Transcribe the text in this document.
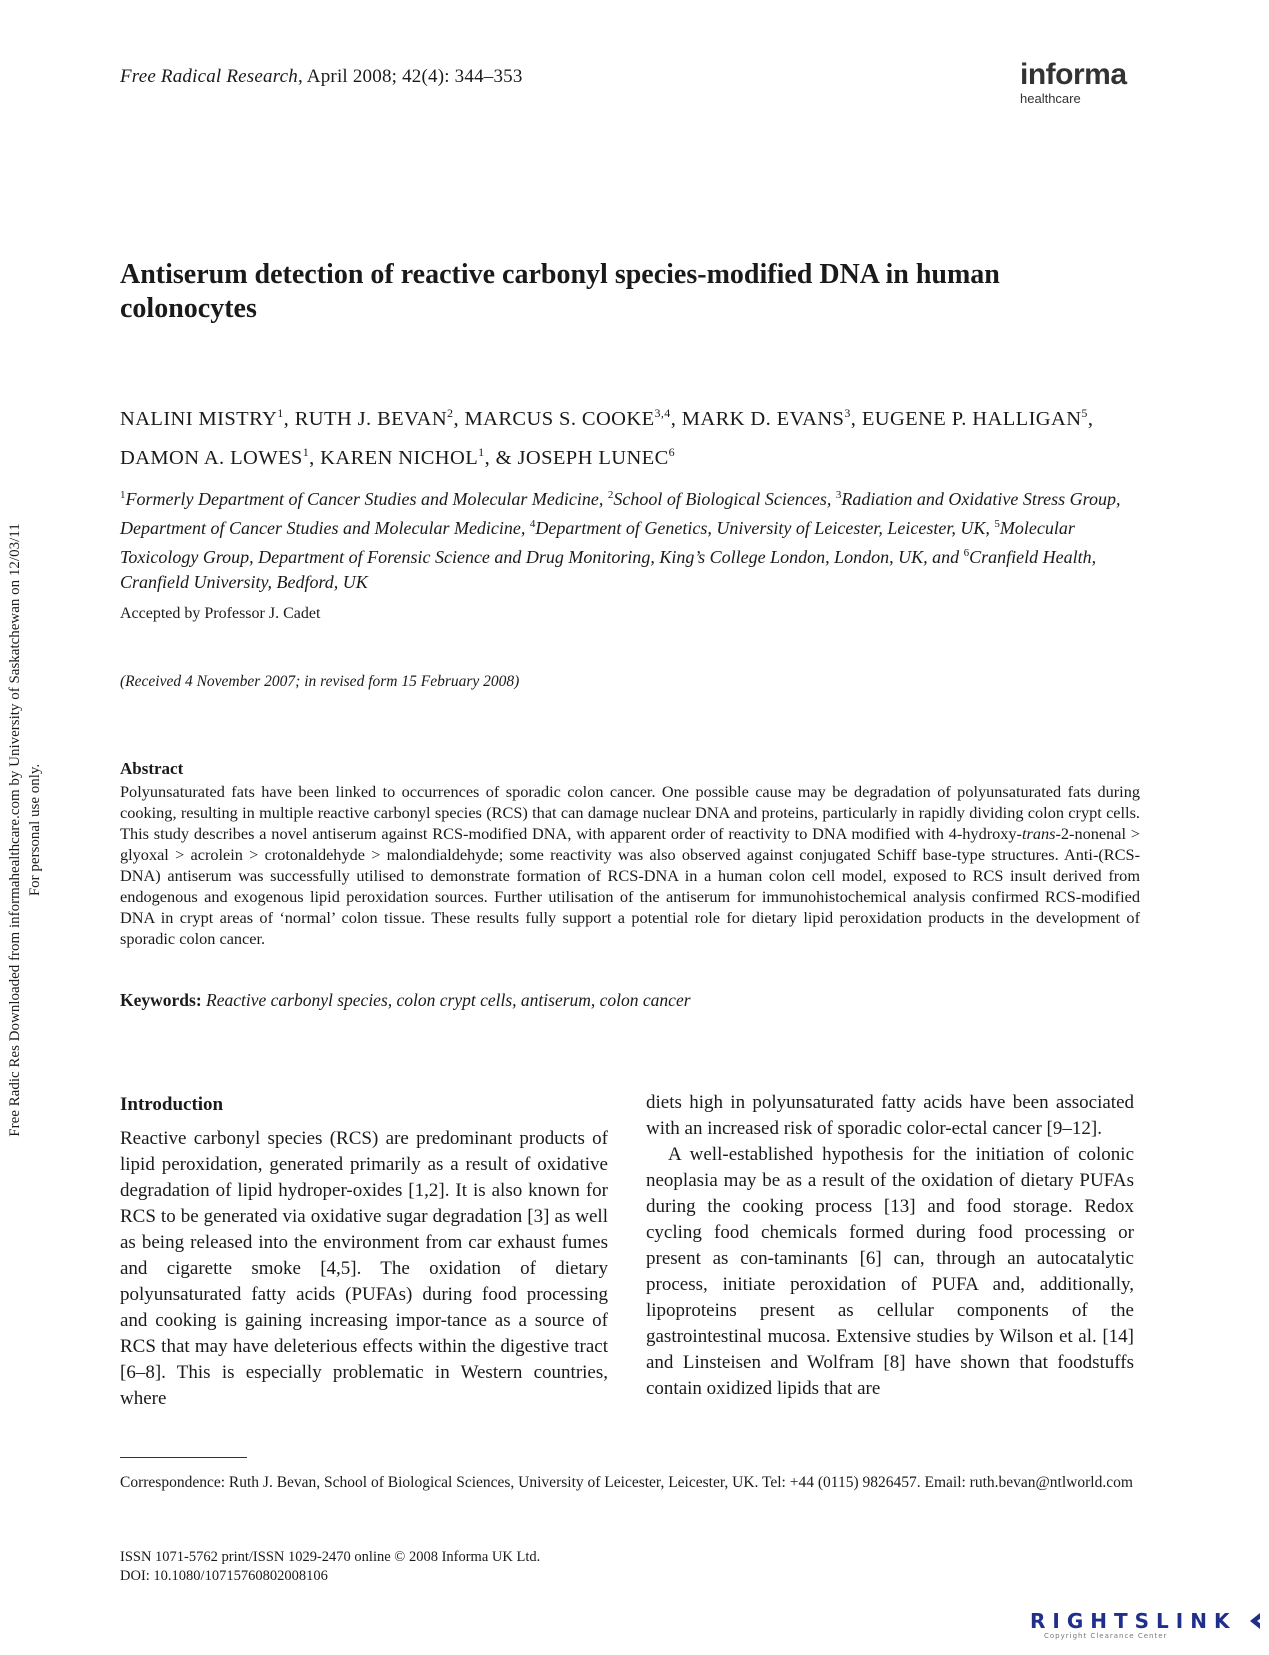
Free Radical Research, April 2008; 42(4): 344–353	informa
healthcare
Antiserum detection of reactive carbonyl species-modified DNA in human colonocytes
NALINI MISTRY$^1$, RUTH J. BEVAN$^2$, MARCUS S. COOKE$^{3,4}$, MARK D. EVANS$^3$, EUGENE P. HALLIGAN$^5$, DAMON A. LOWES$^1$, KAREN NICHOL$^1$, & JOSEPH LUNEC$^6$
$^1$Formerly Department of Cancer Studies and Molecular Medicine, $^2$School of Biological Sciences, $^3$Radiation and Oxidative Stress Group, Department of Cancer Studies and Molecular Medicine, $^4$Department of Genetics, University of Leicester, Leicester, UK, $^5$Molecular Toxicology Group, Department of Forensic Science and Drug Monitoring, King’s College London, London, UK, and $^6$Cranfield Health, Cranfield University, Bedford, UK
Accepted by Professor J. Cadet
(Received 4 November 2007; in revised form 15 February 2008)
Abstract
Polyunsaturated fats have been linked to occurrences of sporadic colon cancer. One possible cause may be degradation of polyunsaturated fats during cooking, resulting in multiple reactive carbonyl species (RCS) that can damage nuclear DNA and proteins, particularly in rapidly dividing colon crypt cells. This study describes a novel antiserum against RCS-modified DNA, with apparent order of reactivity to DNA modified with 4-hydroxy-trans-2-nonenal > glyoxal > acrolein > crotonaldehyde > malondialdehyde; some reactivity was also observed against conjugated Schiff base-type structures. Anti-(RCS-DNA) antiserum was successfully utilised to demonstrate formation of RCS-DNA in a human colon cell model, exposed to RCS insult derived from endogenous and exogenous lipid peroxidation sources. Further utilisation of the antiserum for immunohistochemical analysis confirmed RCS-modified DNA in crypt areas of ‘normal’ colon tissue. These results fully support a potential role for dietary lipid peroxidation products in the development of sporadic colon cancer.
Keywords: Reactive carbonyl species, colon crypt cells, antiserum, colon cancer
Introduction

Reactive carbonyl species (RCS) are predominant products of lipid peroxidation, generated primarily as a result of oxidative degradation of lipid hydroper-oxides [1,2]. It is also known for RCS to be generated via oxidative sugar degradation [3] as well as being released into the environment from car exhaust fumes and cigarette smoke [4,5]. The oxidation of dietary polyunsaturated fatty acids (PUFAs) during food processing and cooking is gaining increasing impor-tance as a source of RCS that may have deleterious effects within the digestive tract [6–8]. This is especially problematic in Western countries, where

diets high in polyunsaturated fatty acids have been associated with an increased risk of sporadic color-ectal cancer [9–12].

A well-established hypothesis for the initiation of colonic neoplasia may be as a result of the oxidation of dietary PUFAs during the cooking process [13] and food storage. Redox cycling food chemicals formed during food processing or present as con-taminants [6] can, through an autocatalytic process, initiate peroxidation of PUFA and, additionally, lipoproteins present as cellular components of the gastrointestinal mucosa. Extensive studies by Wilson et al. [14] and Linsteisen and Wolfram [8] have shown that foodstuffs contain oxidized lipids that are

Correspondence: Ruth J. Bevan, School of Biological Sciences, University of Leicester, Leicester, UK. Tel: +44 (0115) 9826457. Email: ruth.bevan@ntlworld.com
ISSN 1071-5762 print/ISSN 1029-2470 online © 2008 Informa UK Ltd.
DOI: 10.1080/10715760802008106
Free Radic Res Downloaded from informahealthcare.com by University of Saskatchewan on 12/03/11 For personal use only.
RIGHTSLINK
Copyright Clearance Center
